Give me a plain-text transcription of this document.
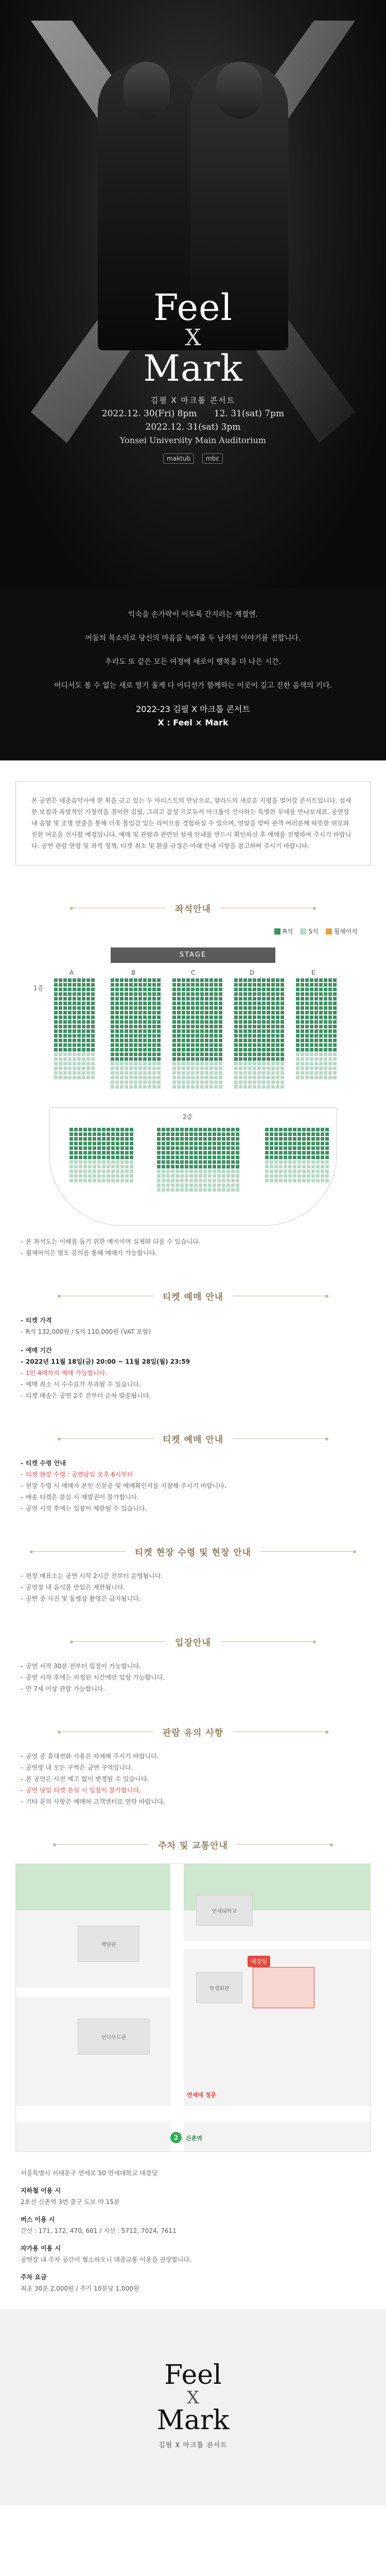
Feel
X
Mark
김필 X 마크툽 콘서트
2022.12. 30(Fri) 8pm 12. 31(sat) 7pm
2022.12. 31(sat) 3pm
Yonsei University Main Auditorium
maktub mbc

익숙을 손가락이 이토록 간지러는 계절엔.

어둠의 목소리로 당신의 마음을 녹여줄 두 남자의 이야기를 전합니다.

우리도 또 같은 모든 여정에 새로이 행복을 더 나은 시간.

어디서도 볼 수 없는 새로 열기 울게 다 어디선가 함께하는 이곳이 깊고 진한 음색의 기다.

2022-23 김필 X 마크툽 콘서트
X : Feel × Mark
본 공연은 대중음악사에 한 획을 긋고 있는 두 아티스트의 만남으로, 발라드의 새로운 지평을 열어갈 콘서트입니다. 섬세한 보컬과 폭발적인 가창력을 겸비한 김필, 그리고 감성 프로듀서 마크툽이 선사하는 특별한 무대를 만나보세요. 공연장 내 음향 및 조명 연출을 통해 더욱 몰입감 있는 라이브를 경험하실 수 있으며, 연말을 맞아 관객 여러분께 따뜻한 위로와 진한 여운을 선사할 예정입니다. 예매 및 관람과 관련된 상세 안내를 반드시 확인하신 후 예매를 진행하여 주시기 바랍니다. 공연 관람 연령 및 좌석 정책, 티켓 취소 및 환불 규정은 아래 안내 사항을 참고하여 주시기 바랍니다.
좌석안내
R석	S석	휠체어석
STAGE
1층
A	B	C	D	E
2층
- 본 좌석도는 이해를 돕기 위한 예시이며 실제와 다를 수 있습니다.
- 휠체어석은 별도 문의를 통해 예매가 가능합니다.
티켓 예매 안내
- 티켓 가격
- R석 132,000원 / S석 110,000원 (VAT 포함)
- 예매 기간
- 2022년 11월 18일(금) 20:00 ~ 11월 28일(월) 23:59
- 1인 4매까지 예매 가능합니다.
- 예매 취소 시 수수료가 부과될 수 있습니다.
- 티켓 배송은 공연 2주 전부터 순차 발송됩니다.
티켓 예매 안내
- 티켓 수령 안내
- 티켓 현장 수령 : 공연당일 오후 6시부터
- 현장 수령 시 예매자 본인 신분증 및 예매확인서를 지참해 주시기 바랍니다.
- 배송 티켓은 분실 시 재발권이 불가합니다.
- 공연 시작 후에는 입장이 제한될 수 있습니다.
티켓 현장 수령 및 현장 안내
- 현장 매표소는 공연 시작 2시간 전부터 운영됩니다.
- 공연장 내 음식물 반입은 제한됩니다.
- 공연 중 사진 및 동영상 촬영은 금지됩니다.
입장안내
- 공연 시작 30분 전부터 입장이 가능합니다.
- 공연 시작 후에는 지정된 시간에만 입장 가능합니다.
- 만 7세 이상 관람 가능합니다.
관람 유의 사항
- 공연 중 휴대전화 사용은 자제해 주시기 바랍니다.
- 공연장 내 모든 구역은 금연 구역입니다.
- 본 공연은 사전 예고 없이 변경될 수 있습니다.
- 공연 당일 티켓 분실 시 입장이 불가합니다.
- 기타 문의 사항은 예매처 고객센터로 연락 바랍니다.
주차 및 교통안내
연세대학교
백양관
학생회관
대강당
언더우드관
연세대 정문
2	신촌역
서울특별시 서대문구 연세로 50 연세대학교 대강당
지하철 이용 시
2호선 신촌역 3번 출구 도보 약 15분
버스 이용 시
간선 : 171, 172, 470, 601 / 지선 : 5712, 7024, 7611
자가용 이용 시
공연장 내 주차 공간이 협소하오니 대중교통 이용을 권장합니다.
주차 요금
최초 30분 2,000원 / 추가 10분당 1,000원
Feel
X
Mark
김필 X 마크툽 콘서트
